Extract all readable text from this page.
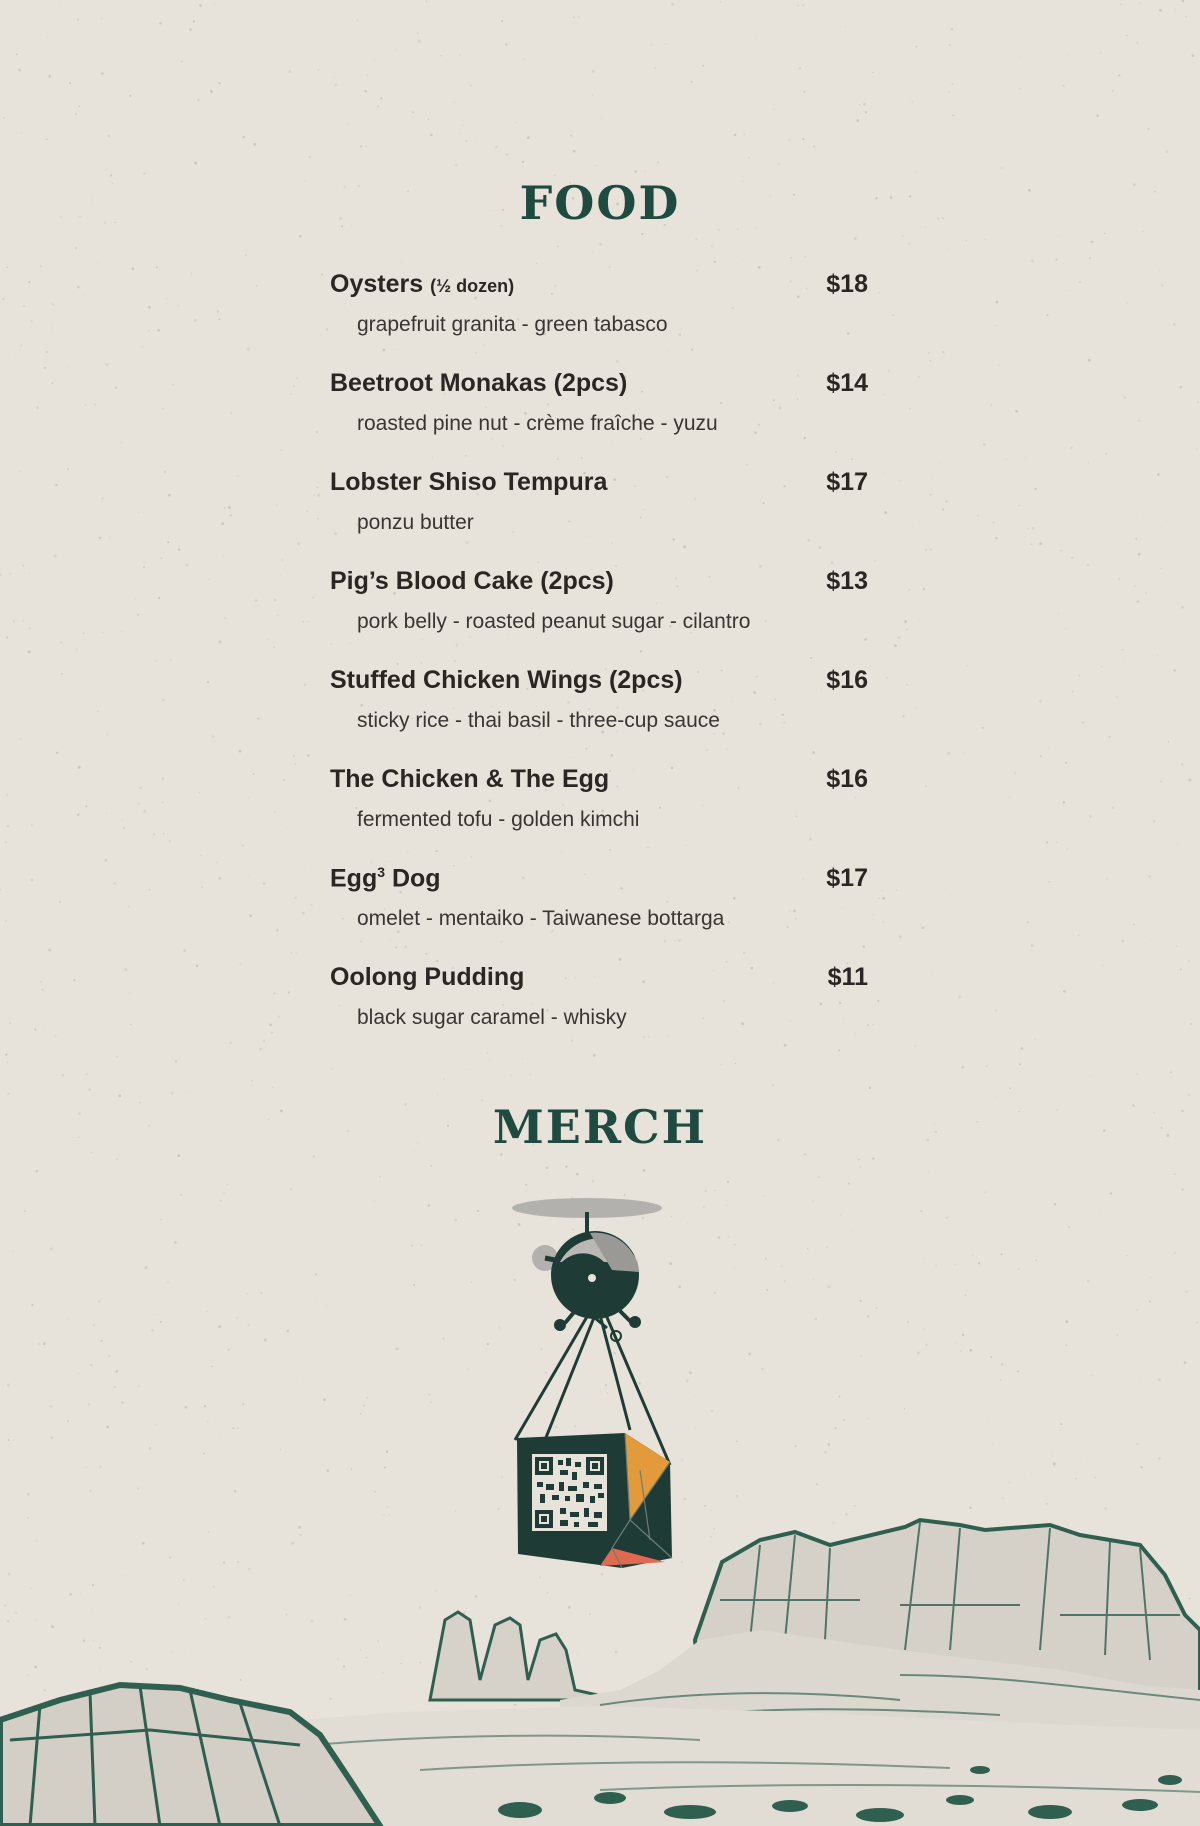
FOOD
Oysters (½ dozen)	$18
grapefruit granita - green tabasco
Beetroot Monakas (2pcs)	$14
roasted pine nut - crème fraîche - yuzu
Lobster Shiso Tempura	$17
ponzu butter
Pig’s Blood Cake (2pcs)	$13
pork belly - roasted peanut sugar - cilantro
Stuffed Chicken Wings (2pcs)	$16
sticky rice - thai basil - three-cup sauce
The Chicken & The Egg	$16
fermented tofu - golden kimchi
Egg$^3$ Dog	$17
omelet - mentaiko - Taiwanese bottarga
Oolong Pudding	$11
black sugar caramel - whisky
MERCH
